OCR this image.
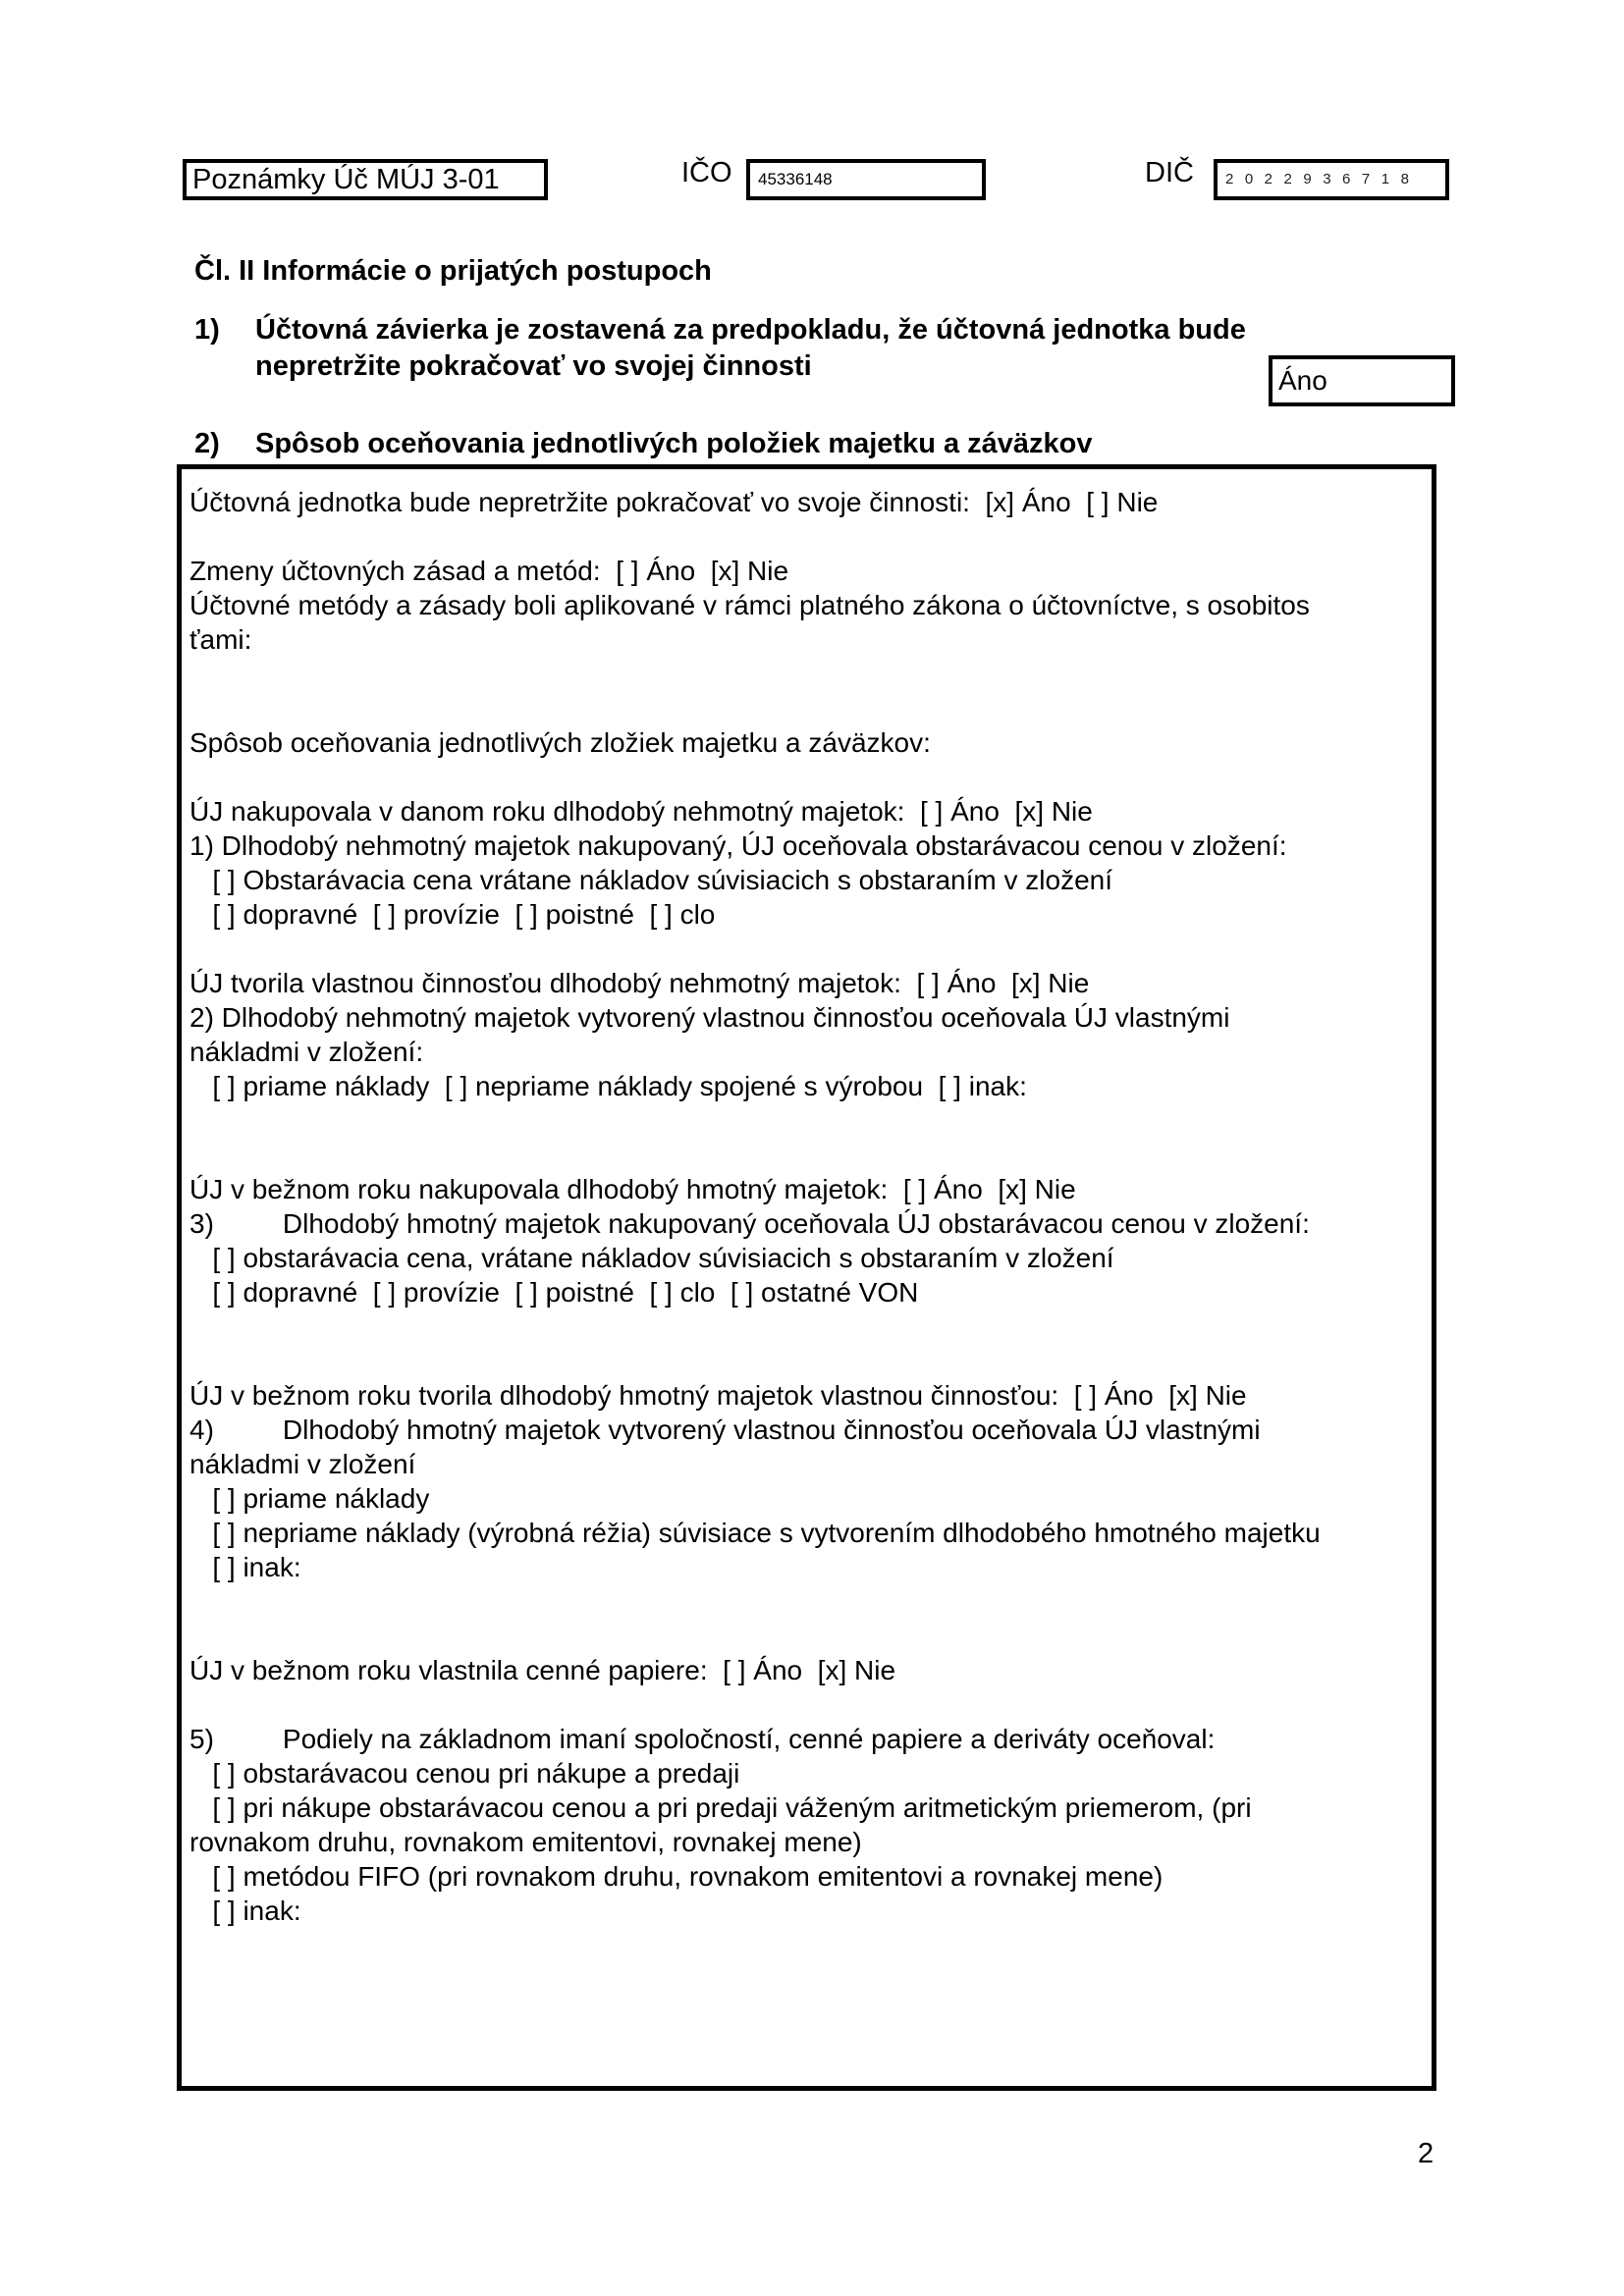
Poznámky Úč MÚJ 3-01	IČO	45336148	DIČ	2022936718
Čl. II Informácie o prijatých postupoch
1) Účtovná závierka je zostavená za predpokladu, že účtovná jednotka bude
nepretržite pokračovať vo svojej činnosti	Áno
2) Spôsob oceňovania jednotlivých položiek majetku a záväzkov
Účtovná jednotka bude nepretržite pokračovať vo svoje činnosti:  [x] Áno  [ ] Nie
Zmeny účtovných zásad a metód:  [ ] Áno  [x] Nie
Účtovné metódy a zásady boli aplikované v rámci platného zákona o účtovníctve, s osobitos
ťami:
Spôsob oceňovania jednotlivých zložiek majetku a záväzkov:
ÚJ nakupovala v danom roku dlhodobý nehmotný majetok:  [ ] Áno  [x] Nie
1) Dlhodobý nehmotný majetok nakupovaný, ÚJ oceňovala obstarávacou cenou v zložení:
[ ] Obstarávacia cena vrátane nákladov súvisiacich s obstaraním v zložení
[ ] dopravné  [ ] provízie  [ ] poistné  [ ] clo
ÚJ tvorila vlastnou činnosťou dlhodobý nehmotný majetok:  [ ] Áno  [x] Nie
2) Dlhodobý nehmotný majetok vytvorený vlastnou činnosťou oceňovala ÚJ vlastnými
nákladmi v zložení:
[ ] priame náklady  [ ] nepriame náklady spojené s výrobou  [ ] inak:
ÚJ v bežnom roku nakupovala dlhodobý hmotný majetok:  [ ] Áno  [x] Nie
3)         Dlhodobý hmotný majetok nakupovaný oceňovala ÚJ obstarávacou cenou v zložení:
[ ] obstarávacia cena, vrátane nákladov súvisiacich s obstaraním v zložení
[ ] dopravné  [ ] provízie  [ ] poistné  [ ] clo  [ ] ostatné VON
ÚJ v bežnom roku tvorila dlhodobý hmotný majetok vlastnou činnosťou:  [ ] Áno  [x] Nie
4)         Dlhodobý hmotný majetok vytvorený vlastnou činnosťou oceňovala ÚJ vlastnými
nákladmi v zložení
[ ] priame náklady
[ ] nepriame náklady (výrobná réžia) súvisiace s vytvorením dlhodobého hmotného majetku
[ ] inak:
ÚJ v bežnom roku vlastnila cenné papiere:  [ ] Áno  [x] Nie
5)         Podiely na základnom imaní spoločností, cenné papiere a deriváty oceňoval:
[ ] obstarávacou cenou pri nákupe a predaji
[ ] pri nákupe obstarávacou cenou a pri predaji váženým aritmetickým priemerom, (pri
rovnakom druhu, rovnakom emitentovi, rovnakej mene)
[ ] metódou FIFO (pri rovnakom druhu, rovnakom emitentovi a rovnakej mene)
[ ] inak:
2
